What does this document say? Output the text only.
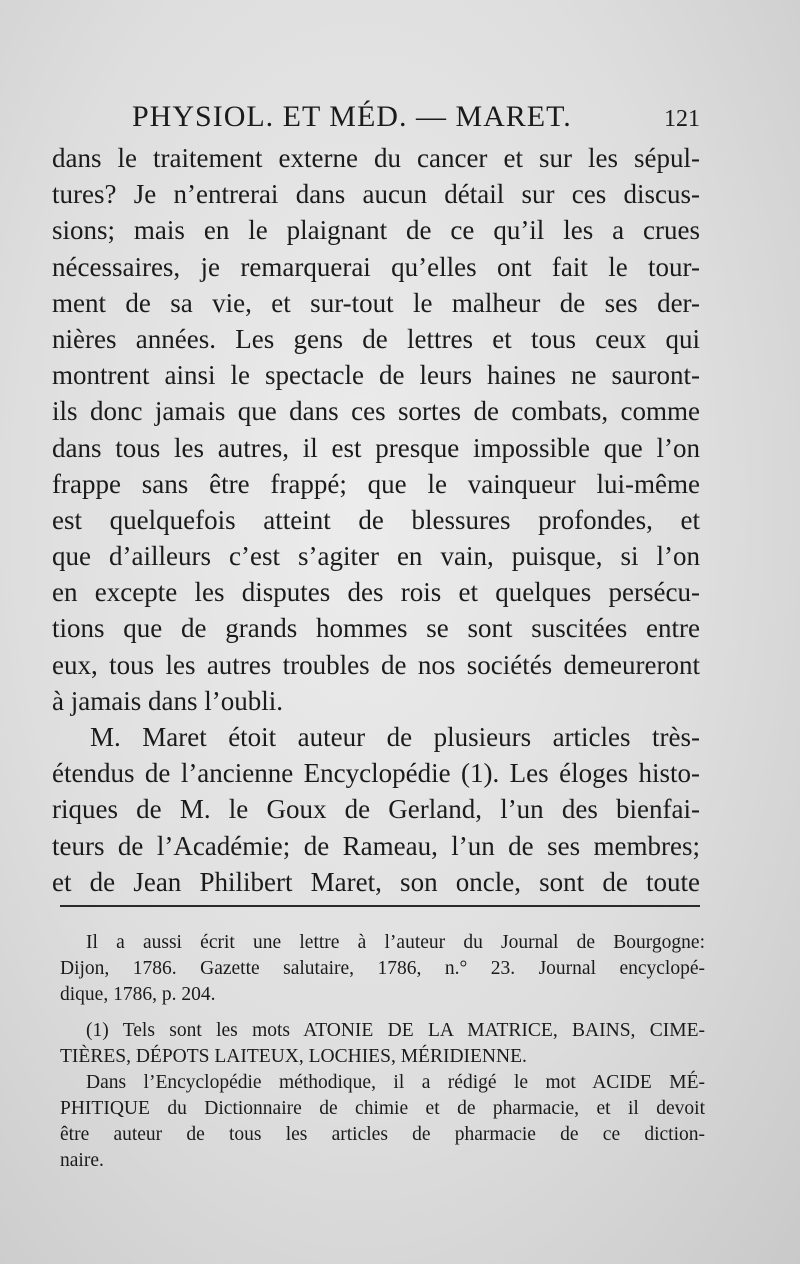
PHYSIOL. ET MÉD. — MARET.	121
dans le traitement externe du cancer et sur les sépul-
tures? Je n’entrerai dans aucun détail sur ces discus-
sions; mais en le plaignant de ce qu’il les a crues
nécessaires, je remarquerai qu’elles ont fait le tour-
ment de sa vie, et sur-tout le malheur de ses der-
nières années. Les gens de lettres et tous ceux qui
montrent ainsi le spectacle de leurs haines ne sauront-
ils donc jamais que dans ces sortes de combats, comme
dans tous les autres, il est presque impossible que l’on
frappe sans être frappé; que le vainqueur lui-même
est quelquefois atteint de blessures profondes, et
que d’ailleurs c’est s’agiter en vain, puisque, si l’on
en excepte les disputes des rois et quelques persécu-
tions que de grands hommes se sont suscitées entre
eux, tous les autres troubles de nos sociétés demeureront
à jamais dans l’oubli.
M. Maret étoit auteur de plusieurs articles très-
étendus de l’ancienne Encyclopédie (1). Les éloges histo-
riques de M. le Goux de Gerland, l’un des bienfai-
teurs de l’Académie; de Rameau, l’un de ses membres;
et de Jean Philibert Maret, son oncle, sont de toute
Il a aussi écrit une lettre à l’auteur du Journal de Bourgogne:
Dijon, 1786. Gazette salutaire, 1786, n.° 23. Journal encyclopé-
dique, 1786, p. 204.
(1) Tels sont les mots ATONIE DE LA MATRICE, BAINS, CIME-
TIÈRES, DÉPOTS LAITEUX, LOCHIES, MÉRIDIENNE.
Dans l’Encyclopédie méthodique, il a rédigé le mot ACIDE MÉ-
PHITIQUE du Dictionnaire de chimie et de pharmacie, et il devoit
être auteur de tous les articles de pharmacie de ce diction-
naire.
